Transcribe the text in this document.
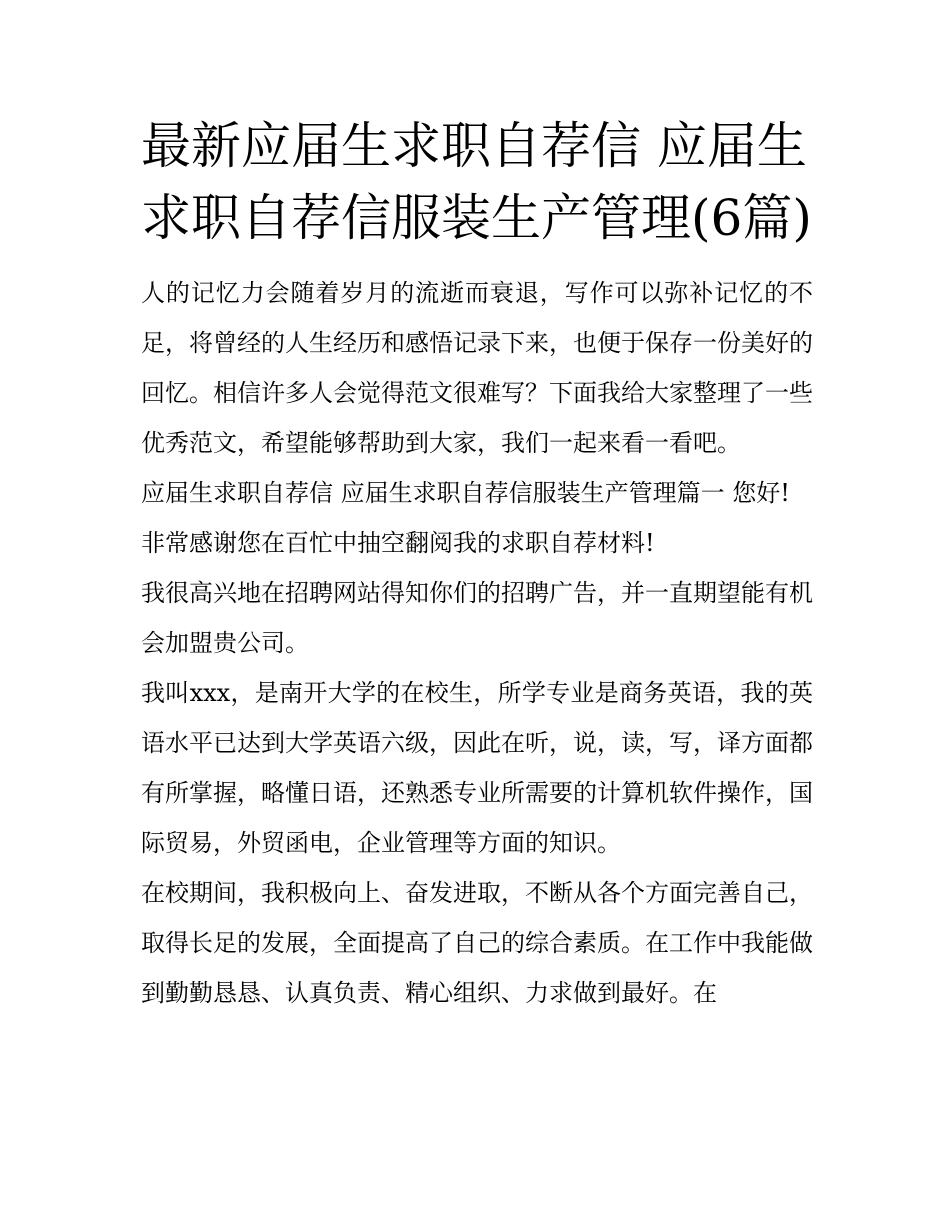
最新应届生求职自荐信 应届生求职自荐信服装生产管理(6篇)

人的记忆力会随着岁月的流逝而衰退，写作可以弥补记忆的不足，将曾经的人生经历和感悟记录下来，也便于保存一份美好的回忆。相信许多人会觉得范文很难写？下面我给大家整理了一些优秀范文，希望能够帮助到大家，我们一起来看一看吧。

应届生求职自荐信 应届生求职自荐信服装生产管理篇一 您好!

非常感谢您在百忙中抽空翻阅我的求职自荐材料!

我很高兴地在招聘网站得知你们的招聘广告，并一直期望能有机会加盟贵公司。

我叫xxx，是南开大学的在校生，所学专业是商务英语，我的英语水平已达到大学英语六级，因此在听，说，读，写，译方面都有所掌握，略懂日语，还熟悉专业所需要的计算机软件操作，国际贸易，外贸函电，企业管理等方面的知识。

在校期间，我积极向上、奋发进取，不断从各个方面完善自己，取得长足的发展，全面提高了自己的综合素质。在工作中我能做到勤勤恳恳、认真负责、精心组织、力求做到最好。在
